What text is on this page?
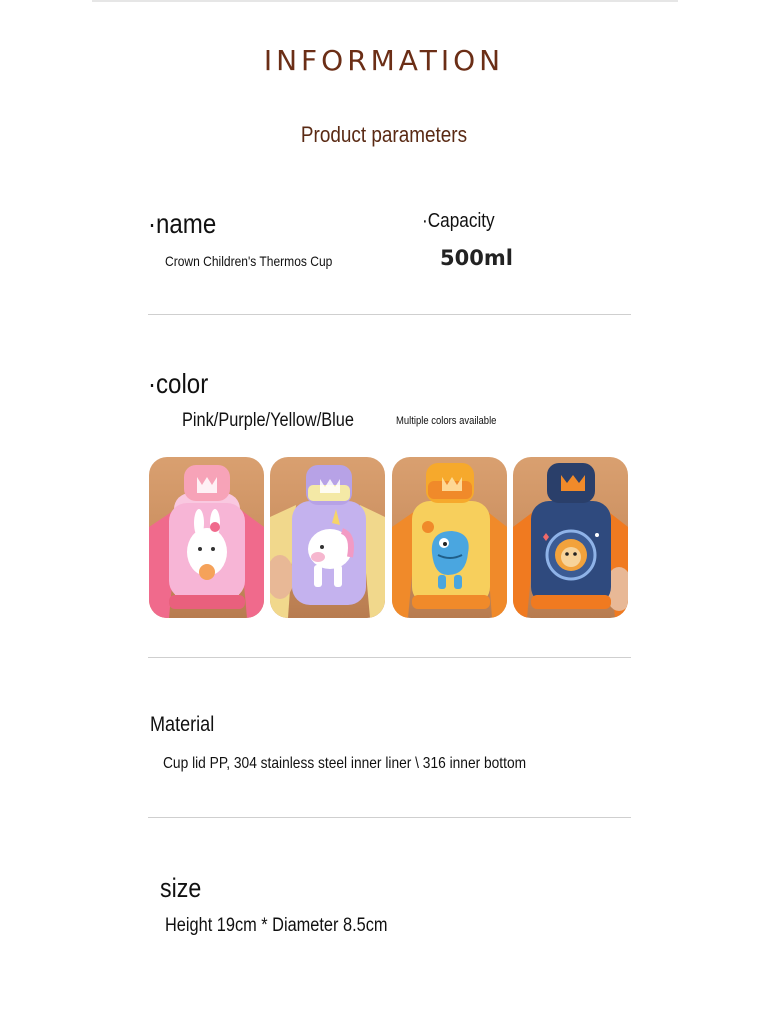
INFORMATION
Product parameters
·name
Crown Children's Thermos Cup
·Capacity
500ml
·color
Pink/Purple/Yellow/Blue	Multiple colors available
Material
Cup lid PP, 304 stainless steel inner liner \ 316 inner bottom
size
Height 19cm * Diameter 8.5cm
